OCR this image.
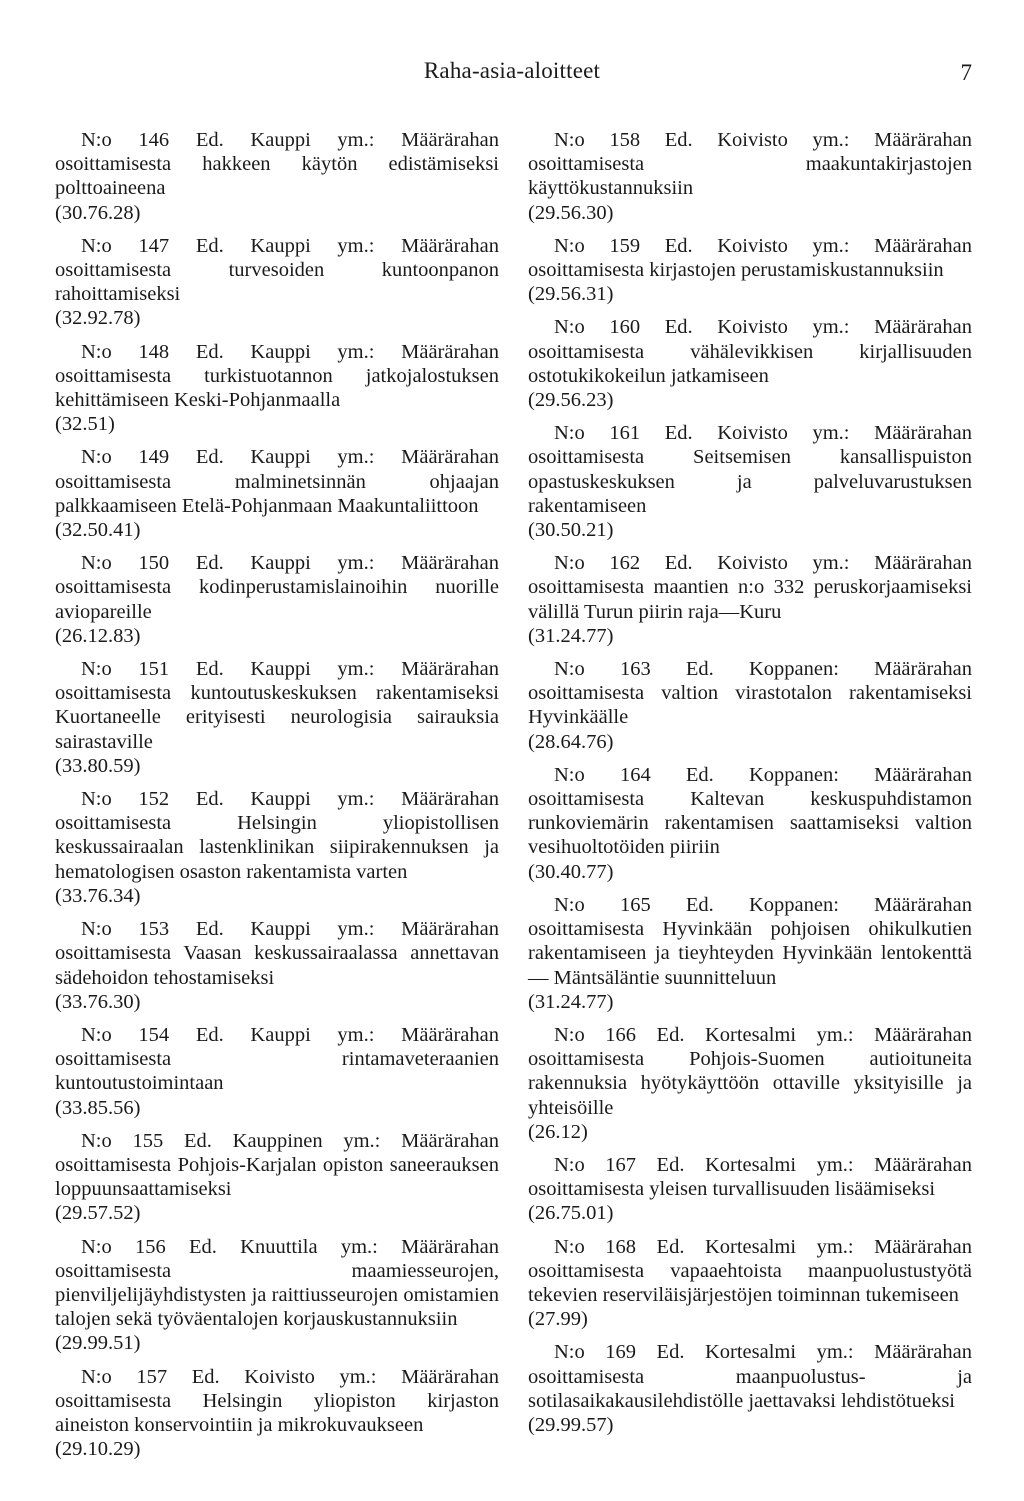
Raha-asia-aloitteet	7
N:o 146 Ed. Kauppi ym.: Määrärahan osoittamisesta hakkeen käytön edistämiseksi polttoaineena
(30.76.28)
N:o 147 Ed. Kauppi ym.: Määrärahan osoittamisesta turvesoiden kuntoonpanon rahoittamiseksi
(32.92.78)
N:o 148 Ed. Kauppi ym.: Määrärahan osoittamisesta turkistuotannon jatkojalostuksen kehittämiseen Keski-Pohjanmaalla
(32.51)
N:o 149 Ed. Kauppi ym.: Määrärahan osoittamisesta malminetsinnän ohjaajan palkkaamiseen Etelä-Pohjanmaan Maakuntaliittoon
(32.50.41)
N:o 150 Ed. Kauppi ym.: Määrärahan osoittamisesta kodinperustamislainoihin nuorille aviopareille
(26.12.83)
N:o 151 Ed. Kauppi ym.: Määrärahan osoittamisesta kuntoutuskeskuksen rakentamiseksi Kuortaneelle erityisesti neurologisia sairauksia sairastaville
(33.80.59)
N:o 152 Ed. Kauppi ym.: Määrärahan osoittamisesta Helsingin yliopistollisen keskussairaalan lastenklinikan siipirakennuksen ja hematologisen osaston rakentamista varten
(33.76.34)
N:o 153 Ed. Kauppi ym.: Määrärahan osoittamisesta Vaasan keskussairaalassa annettavan sädehoidon tehostamiseksi
(33.76.30)
N:o 154 Ed. Kauppi ym.: Määrärahan osoittamisesta rintamaveteraanien kuntoutustoimintaan
(33.85.56)
N:o 155 Ed. Kauppinen ym.: Määrärahan osoittamisesta Pohjois-Karjalan opiston saneerauksen loppuunsaattamiseksi
(29.57.52)
N:o 156 Ed. Knuuttila ym.: Määrärahan osoittamisesta maamiesseurojen, pienviljelijäyhdistysten ja raittiusseurojen omistamien talojen sekä työväentalojen korjauskustannuksiin
(29.99.51)
N:o 157 Ed. Koivisto ym.: Määrärahan osoittamisesta Helsingin yliopiston kirjaston aineiston konservointiin ja mikrokuvaukseen
(29.10.29)
N:o 158 Ed. Koivisto ym.: Määrärahan osoittamisesta maakuntakirjastojen käyttökustannuksiin
(29.56.30)
N:o 159 Ed. Koivisto ym.: Määrärahan osoittamisesta kirjastojen perustamiskustannuksiin
(29.56.31)
N:o 160 Ed. Koivisto ym.: Määrärahan osoittamisesta vähälevikkisen kirjallisuuden ostotukikokeilun jatkamiseen
(29.56.23)
N:o 161 Ed. Koivisto ym.: Määrärahan osoittamisesta Seitsemisen kansallispuiston opastuskeskuksen ja palveluvarustuksen rakentamiseen
(30.50.21)
N:o 162 Ed. Koivisto ym.: Määrärahan osoittamisesta maantien n:o 332 peruskorjaamiseksi välillä Turun piirin raja—Kuru
(31.24.77)
N:o 163 Ed. Koppanen: Määrärahan osoittamisesta valtion virastotalon rakentamiseksi Hyvinkäälle
(28.64.76)
N:o 164 Ed. Koppanen: Määrärahan osoittamisesta Kaltevan keskuspuhdistamon runkoviemärin rakentamisen saattamiseksi valtion vesihuoltotöiden piiriin
(30.40.77)
N:o 165 Ed. Koppanen: Määrärahan osoittamisesta Hyvinkään pohjoisen ohikulkutien rakentamiseen ja tieyhteyden Hyvinkään lentokenttä — Mäntsäläntie suunnitteluun
(31.24.77)
N:o 166 Ed. Kortesalmi ym.: Määrärahan osoittamisesta Pohjois-Suomen autioituneita rakennuksia hyötykäyttöön ottaville yksityisille ja yhteisöille
(26.12)
N:o 167 Ed. Kortesalmi ym.: Määrärahan osoittamisesta yleisen turvallisuuden lisäämiseksi
(26.75.01)
N:o 168 Ed. Kortesalmi ym.: Määrärahan osoittamisesta vapaaehtoista maanpuolustustyötä tekevien reserviläisjärjestöjen toiminnan tukemiseen
(27.99)
N:o 169 Ed. Kortesalmi ym.: Määrärahan osoittamisesta maanpuolustus- ja sotilasaikakausilehdistölle jaettavaksi lehdistötueksi
(29.99.57)
